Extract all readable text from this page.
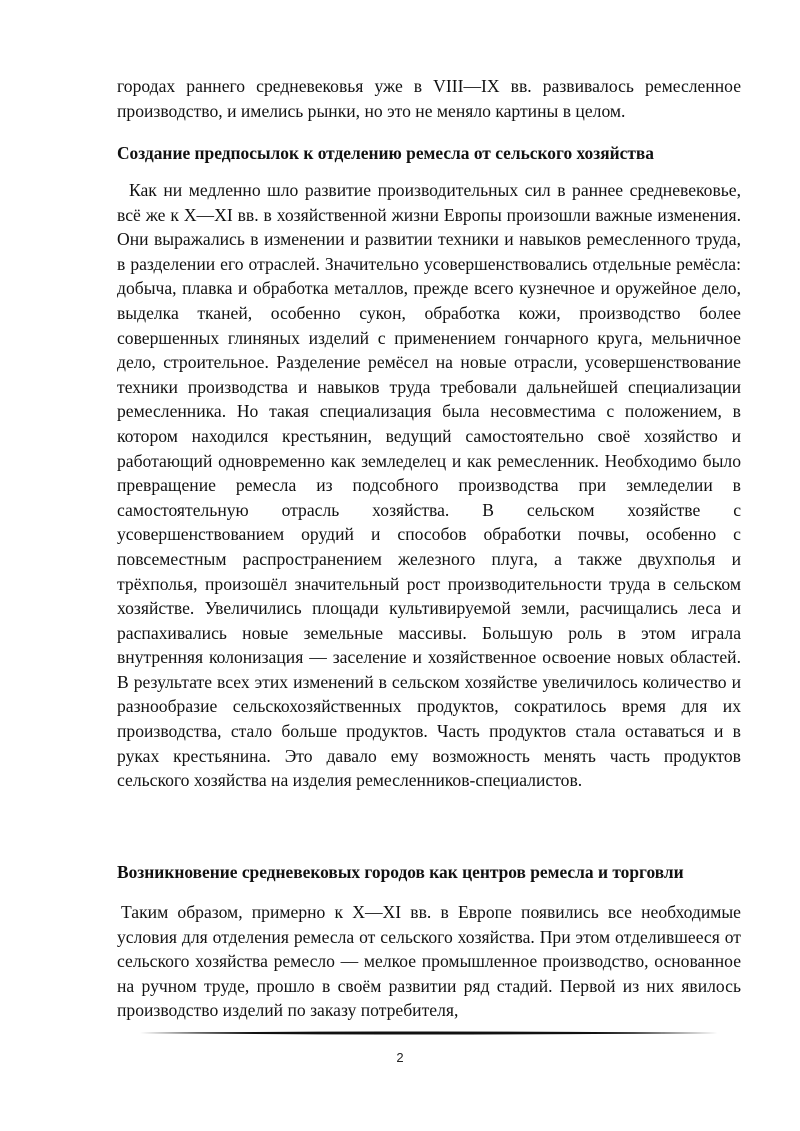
городах раннего средневековья уже в VIII—IX вв. развивалось ремесленное производство, и имелись рынки, но это не меняло картины в целом.

Создание предпосылок к отделению ремесла от сельского хозяйства

Как ни медленно шло развитие производительных сил в раннее средневековье, всё же к X—XI вв. в хозяйственной жизни Европы произошли важные изменения. Они выражались в изменении и развитии техники и навыков ремесленного труда, в разделении его отраслей. Значительно усовершенствовались отдельные ремёсла: добыча, плавка и обработка металлов, прежде всего кузнечное и оружейное дело, выделка тканей, особенно сукон, обработка кожи, производство более совершенных глиняных изделий с применением гончарного круга, мельничное дело, строительное. Разделение ремёсел на новые отрасли, усовершенствование техники производства и навыков труда требовали дальнейшей специализации ремесленника. Но такая специализация была несовместима с положением, в котором находился крестьянин, ведущий самостоятельно своё хозяйство и работающий одновременно как земледелец и как ремесленник. Необходимо было превращение ремесла из подсобного производства при земледелии в самостоятельную отрасль хозяйства. В сельском хозяйстве с усовершенствованием орудий и способов обработки почвы, особенно с повсеместным распространением железного плуга, а также двухполья и трёхполья, произошёл значительный рост производительности труда в сельском хозяйстве. Увеличились площади культивируемой земли, расчищались леса и распахивались новые земельные массивы. Большую роль в этом играла внутренняя колонизация — заселение и хозяйственное освоение новых областей. В результате всех этих изменений в сельском хозяйстве увеличилось количество и разнообразие сельскохозяйственных продуктов, сократилось время для их производства, стало больше продуктов. Часть продуктов стала оставаться и в руках крестьянина. Это давало ему возможность менять часть продуктов сельского хозяйства на изделия ремесленников-специалистов.

Возникновение средневековых городов как центров ремесла и торговли

Таким образом, примерно к X—XI вв. в Европе появились все необходимые условия для отделения ремесла от сельского хозяйства. При этом отделившееся от сельского хозяйства ремесло — мелкое промышленное производство, основанное на ручном труде, прошло в своём развитии ряд стадий. Первой из них явилось производство изделий по заказу потребителя,

2
